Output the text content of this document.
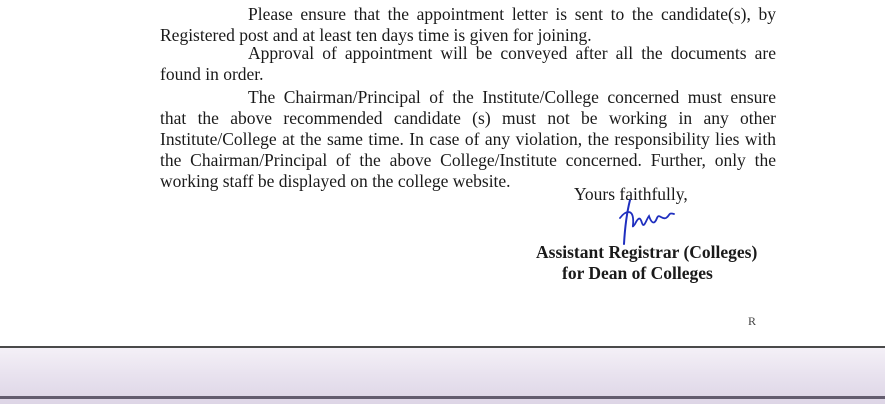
Please ensure that the appointment letter is sent to the candidate(s), by Registered post and at least ten days time is given for joining.

Approval of appointment will be conveyed after all the documents are found in order.

The Chairman/Principal of the Institute/College concerned must ensure that the above recommended candidate (s) must not be working in any other Institute/College at the same time. In case of any violation, the responsibility lies with the Chairman/Principal of the above College/Institute concerned. Further, only the working staff be displayed on the college website.

Yours faithfully,
Assistant Registrar (Colleges)
for Dean of Colleges
R
